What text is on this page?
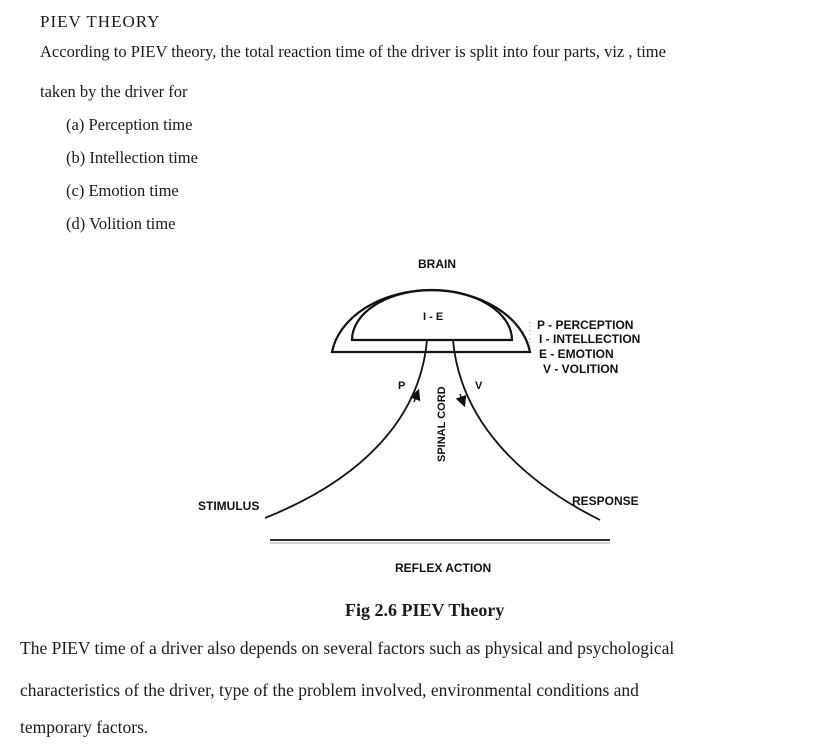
PIEV THEORY
According to PIEV theory, the total reaction time of the driver is split into four parts, viz , time
taken by the driver for
(a) Perception time
(b) Intellection time
(c) Emotion time
(d) Volition time
BRAIN
I - E
P	V
SPINAL CORD
STIMULUS	RESPONSE
REFLEX ACTION
P - PERCEPTION
I - INTELLECTION
E - EMOTION
V - VOLITION
Fig 2.6 PIEV Theory
The PIEV time of a driver also depends on several factors such as physical and psychological
characteristics of the driver, type of the problem involved, environmental conditions and
temporary factors.
